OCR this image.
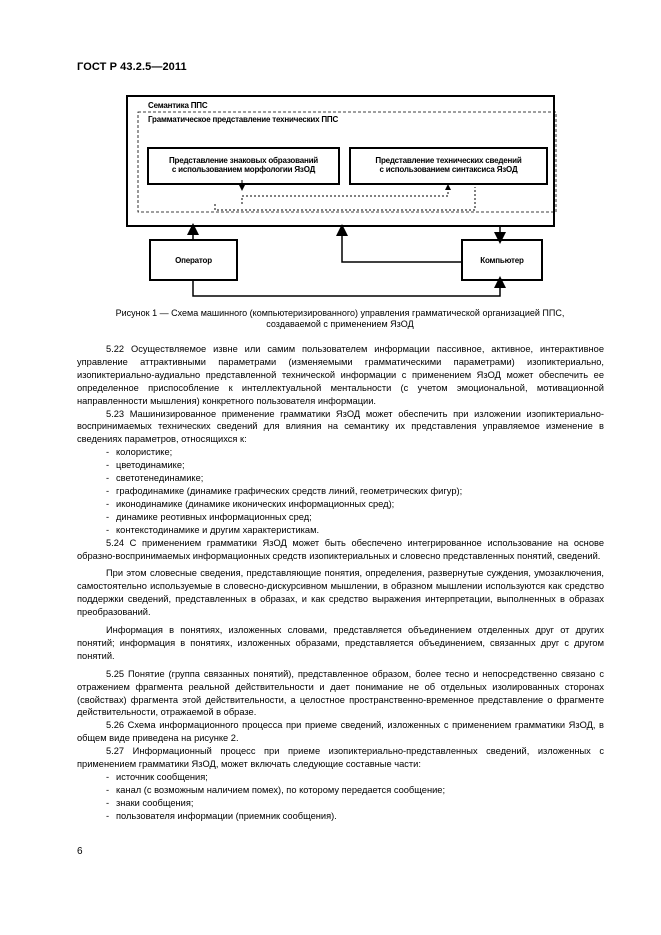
ГОСТ Р 43.2.5—2011
Семантика ППС
Грамматическое представление технических ППС
Представление знаковых образований
с использованием морфологии ЯзОД
Представление технических сведений
с использованием синтаксиса ЯзОД
Оператор	Компьютер
Рисунок 1 — Схема машинного (компьютеризированного) управления грамматической организацией ППС,
создаваемой с применением ЯзОД

5.22 Осуществляемое извне или самим пользователем информации пассивное, активное, интерактивное управление аттрактивными параметрами (изменяемыми грамматическими параметрами) изопиктериально, изопиктериально-аудиально представленной технической информации с применением ЯзОД может обеспечить ее определенное приспособление к интеллектуальной ментальности (с учетом эмоциональной, мотивационной направленности мышления) конкретного пользователя информации.

5.23 Машинизированное применение грамматики ЯзОД может обеспечить при изложении изопиктериально-воспринимаемых технических сведений для влияния на семантику их представления управляемое изменение в сведениях параметров, относящихся к:

- колористике;
- цветодинамике;
- светотенединамике;
- графодинамике (динамике графических средств линий, геометрических фигур);
- иконодинамике (динамике иконических информационных сред);
- динамике реотивных информационных сред;
- контекстодинамике и другим характеристикам.

5.24 С применением грамматики ЯзОД может быть обеспечено интегрированное использование на основе образно-воспринимаемых информационных средств изопиктериальных и словесно представленных понятий, сведений.

При этом словесные сведения, представляющие понятия, определения, развернутые суждения, умозаключения, самостоятельно используемые в словесно-дискурсивном мышлении, в образном мышлении используются как средство поддержки сведений, представленных в образах, и как средство выражения интерпретации, выполненных в образах преобразований.

Информация в понятиях, изложенных словами, представляется объединением отделенных друг от других понятий; информация в понятиях, изложенных образами, представляется объединением, связанных друг с другом понятий.

5.25 Понятие (группа связанных понятий), представленное образом, более тесно и непосредственно связано с отражением фрагмента реальной действительности и дает понимание не об отдельных изолированных сторонах (свойствах) фрагмента этой действительности, а целостное пространственно-временное представление о фрагменте действительности, отражаемой в образе.

5.26 Схема информационного процесса при приеме сведений, изложенных с применением грамматики ЯзОД, в общем виде приведена на рисунке 2.

5.27 Информационный процесс при приеме изопиктериально-представленных сведений, изложенных с применением грамматики ЯзОД, может включать следующие составные части:

- источник сообщения;
- канал (с возможным наличием помех), по которому передается сообщение;
- знаки сообщения;
- пользователя информации (приемник сообщения).
6
